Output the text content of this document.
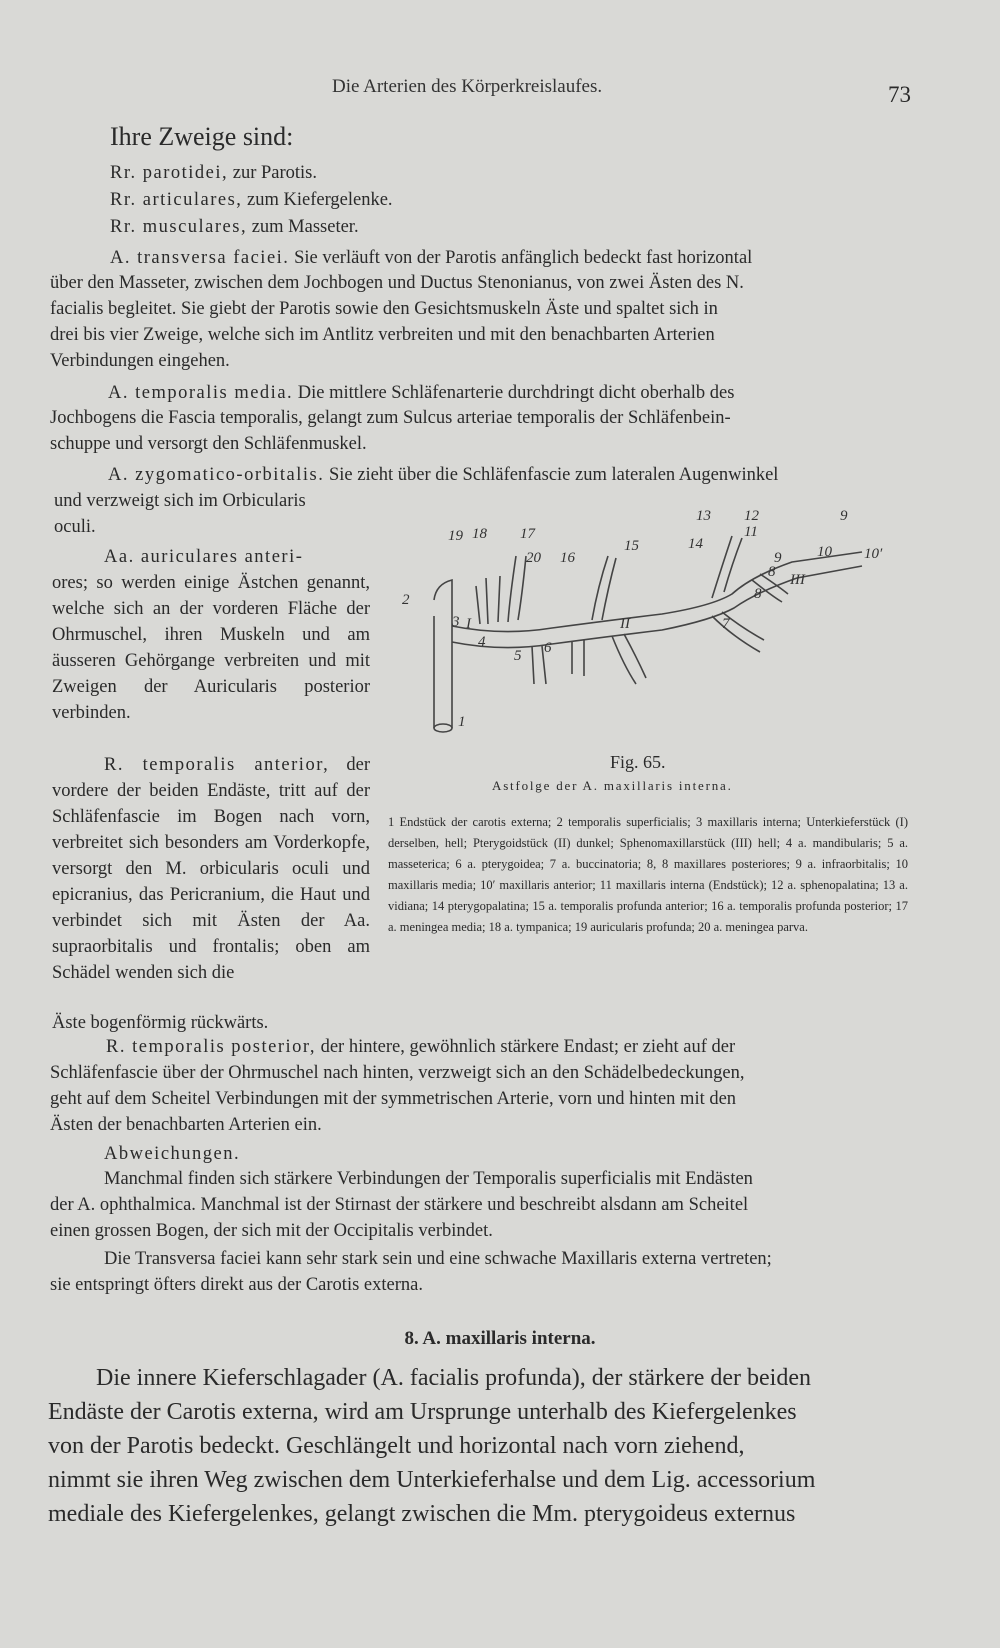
Die Arterien des Körperkreislaufes.	73
Ihre Zweige sind:
Rr. parotidei, zur Parotis.
Rr. articulares, zum Kiefergelenke.
Rr. musculares, zum Masseter.
A. transversa faciei. Sie verläuft von der Parotis anfänglich bedeckt fast horizontal
über den Masseter, zwischen dem Jochbogen und Ductus Stenonianus, von zwei Ästen des N.
facialis begleitet. Sie giebt der Parotis sowie den Gesichtsmuskeln Äste und spaltet sich in
drei bis vier Zweige, welche sich im Antlitz verbreiten und mit den benachbarten Arterien
Verbindungen eingehen.
A. temporalis media. Die mittlere Schläfenarterie durchdringt dicht oberhalb des
Jochbogens die Fascia temporalis, gelangt zum Sulcus arteriae temporalis der Schläfenbein-
schuppe und versorgt den Schläfenmuskel.
A. zygomatico-orbitalis. Sie zieht über die Schläfenfascie zum lateralen Augenwinkel
und verzweigt sich im Orbicularis
oculi.

Aa. auriculares anteri-
ores; so werden einige Ästchen genannt, welche sich an der vorderen Fläche der Ohrmuschel, ihren Muskeln und am äusseren Gehörgange verbreiten und mit Zweigen der Auricularis posterior verbinden.

R. temporalis anterior, der vordere der beiden Endäste, tritt auf der Schläfenfascie im Bogen nach vorn, verbreitet sich besonders am Vorderkopfe, versorgt den M. orbicularis oculi und epicranius, das Pericranium, die Haut und verbindet sich mit Ästen der Aa. supraorbitalis und frontalis; oben am Schädel wenden sich die

Äste bogenförmig rückwärts.
1
2
3 I
4
5 6
II	7
8
III
8
9 10 10′
11
12	9
13
14
15
16
20
17
18
19
Fig. 65.
Astfolge der A. maxillaris interna.
1 Endstück der carotis externa; 2 temporalis superficialis; 3 maxillaris interna; Unterkieferstück (I) derselben, hell; Pterygoidstück (II) dunkel; Sphenomaxillarstück (III) hell; 4 a. mandibularis; 5 a. masseterica; 6 a. pterygoidea; 7 a. buccinatoria; 8, 8 maxillares posteriores; 9 a. infraorbitalis; 10 maxillaris media; 10′ maxillaris anterior; 11 maxillaris interna (Endstück); 12 a. sphenopalatina; 13 a. vidiana; 14 pterygopalatina; 15 a. temporalis profunda anterior; 16 a. temporalis profunda posterior; 17 a. meningea media; 18 a. tympanica; 19 auricularis profunda; 20 a. meningea parva.
R. temporalis posterior, der hintere, gewöhnlich stärkere Endast; er zieht auf der
Schläfenfascie über der Ohrmuschel nach hinten, verzweigt sich an den Schädelbedeckungen,
geht auf dem Scheitel Verbindungen mit der symmetrischen Arterie, vorn und hinten mit den
Ästen der benachbarten Arterien ein.
Abweichungen.
Manchmal finden sich stärkere Verbindungen der Temporalis superficialis mit Endästen
der A. ophthalmica. Manchmal ist der Stirnast der stärkere und beschreibt alsdann am Scheitel
einen grossen Bogen, der sich mit der Occipitalis verbindet.
Die Transversa faciei kann sehr stark sein und eine schwache Maxillaris externa vertreten;
sie entspringt öfters direkt aus der Carotis externa.
8. A. maxillaris interna.
Die innere Kieferschlagader (A. facialis profunda), der stärkere der beiden
Endäste der Carotis externa, wird am Ursprunge unterhalb des Kiefergelenkes
von der Parotis bedeckt. Geschlängelt und horizontal nach vorn ziehend,
nimmt sie ihren Weg zwischen dem Unterkieferhalse und dem Lig. accessorium
mediale des Kiefergelenkes, gelangt zwischen die Mm. pterygoideus externus
